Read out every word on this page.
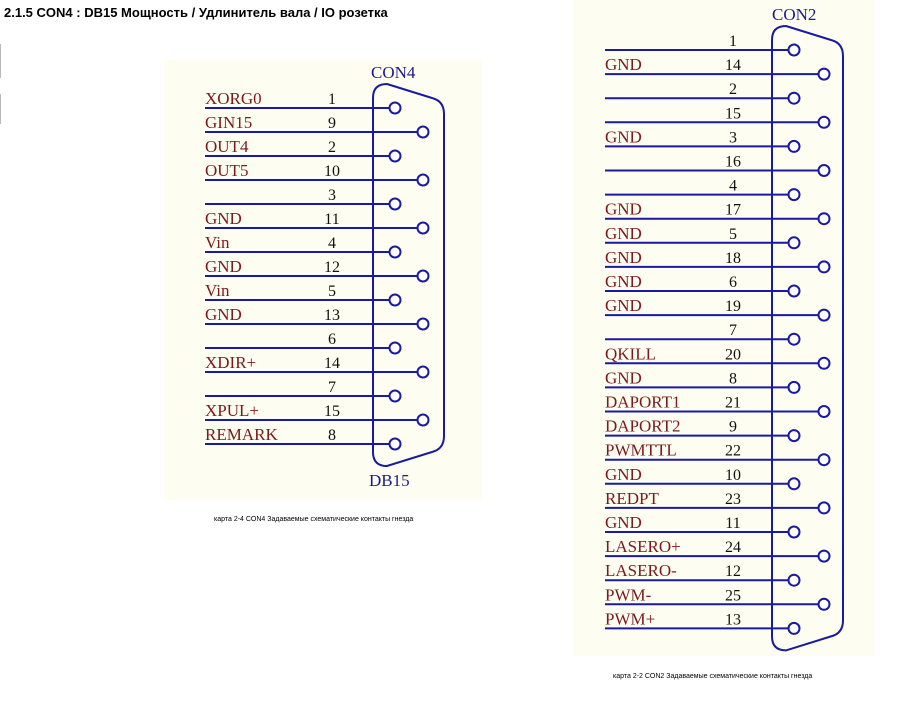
2.1.5 CON4 : DB15 Мощность / Удлинитель вала / IO розетка
CON4
1
XORG0
9
GIN15
2
OUT4
10
OUT5
3
11
GND
4
Vin
12
GND
5
Vin
13
GND
6
14
XDIR+
7
15
XPUL+
8
REMARK
DB15
карта 2-4 CON4 Задаваемые схематические контакты гнезда
CON2
1
14
GND
2
15
3
GND
16
4
17
GND
5
GND
18
GND
6
GND
19
GND
7
20
QKILL
8
GND
21
DAPORT1
9
DAPORT2
22
PWMTTL
10
GND
23
REDPT
11
GND
24
LASERO+
12
LASERO-
25
PWM-
13
PWM+
карта 2-2 CON2 Задаваемые схематические контакты гнезда
